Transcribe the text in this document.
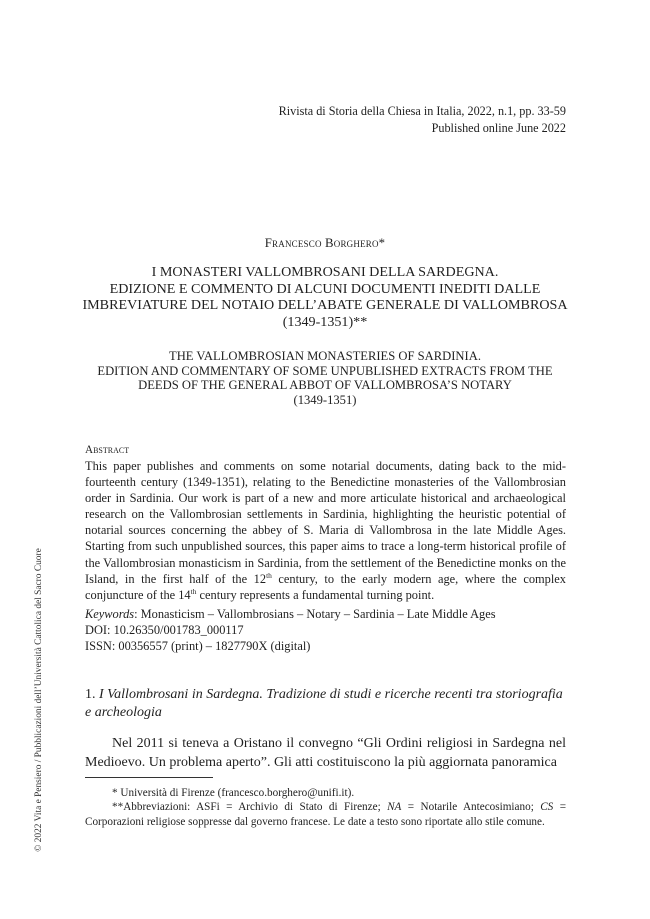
Rivista di Storia della Chiesa in Italia, 2022, n.1, pp. 33-59
Published online June 2022
Francesco Borghero*
I MONASTERI VALLOMBROSANI DELLA SARDEGNA.
EDIZIONE E COMMENTO DI ALCUNI DOCUMENTI INEDITI DALLE
IMBREVIATURE DEL NOTAIO DELL’ABATE GENERALE DI VALLOMBROSA
(1349-1351)**
THE VALLOMBROSIAN MONASTERIES OF SARDINIA.
EDITION AND COMMENTARY OF SOME UNPUBLISHED EXTRACTS FROM THE
DEEDS OF THE GENERAL ABBOT OF VALLOMBROSA’S NOTARY
(1349-1351)
Abstract
This paper publishes and comments on some notarial documents, dating back to the mid-fourteenth century (1349-1351), relating to the Benedictine monasteries of the Vallombrosian order in Sardinia. Our work is part of a new and more articulate historical and archaeological research on the Vallombrosian settlements in Sardinia, highlighting the heuristic potential of notarial sources concerning the abbey of S. Maria di Vallombrosa in the late Middle Ages. Starting from such unpublished sources, this paper aims to trace a long-term historical profile of the Vallombrosian monasticism in Sardinia, from the settlement of the Benedictine monks on the Island, in the first half of the 12th century, to the early modern age, where the complex conjuncture of the 14th century represents a fundamental turning point.
Keywords: Monasticism – Vallombrosians – Notary – Sardinia – Late Middle Ages
DOI: 10.26350/001783_000117
ISSN: 00356557 (print) – 1827790X (digital)
1. I Vallombrosani in Sardegna. Tradizione di studi e ricerche recenti tra storiografia e archeologia
Nel 2011 si teneva a Oristano il convegno “Gli Ordini religiosi in Sardegna nel Medioevo. Un problema aperto”. Gli atti costituiscono la più aggiornata panoramica

* Università di Firenze (francesco.borghero@unifi.it).

**Abbreviazioni: ASFi = Archivio di Stato di Firenze; NA = Notarile Antecosimiano; CS = Corporazioni religiose soppresse dal governo francese. Le date a testo sono riportate allo stile comune.

© 2022 Vita e Pensiero / Pubblicazioni dell’Università Cattolica del Sacro Cuore
